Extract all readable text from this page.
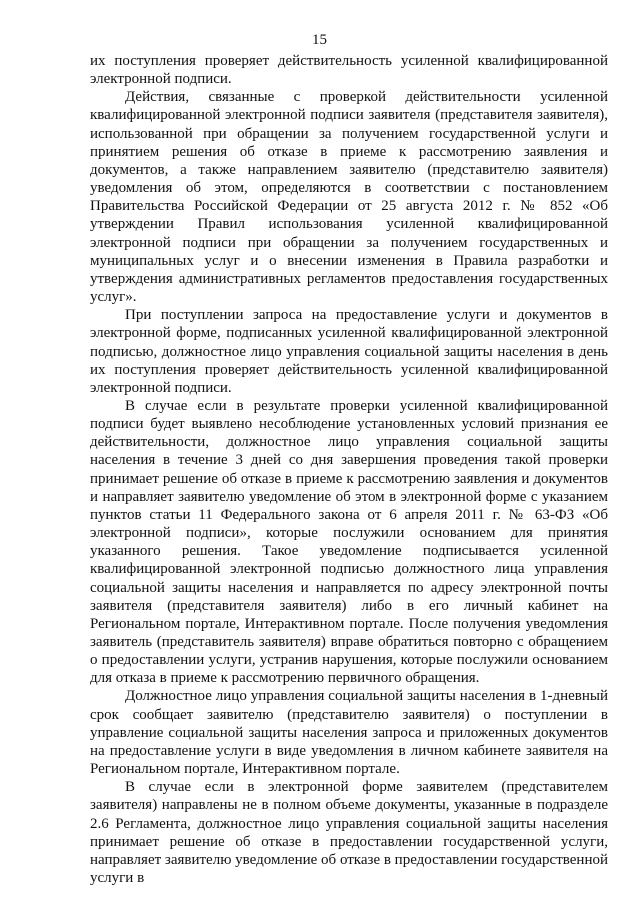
15

их поступления проверяет действительность усиленной квалифицированной электронной подписи.

Действия, связанные с проверкой действительности усиленной квалифицированной электронной подписи заявителя (представителя заявителя), использованной при обращении за получением государственной услуги и принятием решения об отказе в приеме к рассмотрению заявления и документов, а также направлением заявителю (представителю заявителя) уведомления об этом, определяются в соответствии с постановлением Правительства Российской Федерации от 25 августа 2012 г. № 852 «Об утверждении Правил использования усиленной квалифицированной электронной подписи при обращении за получением государственных и муниципальных услуг и о внесении изменения в Правила разработки и утверждения административных регламентов предоставления государственных услуг».

При поступлении запроса на предоставление услуги и документов в электронной форме, подписанных усиленной квалифицированной электронной подписью, должностное лицо управления социальной защиты населения в день их поступления проверяет действительность усиленной квалифицированной электронной подписи.

В случае если в результате проверки усиленной квалифицированной подписи будет выявлено несоблюдение установленных условий признания ее действительности, должностное лицо управления социальной защиты населения в течение 3 дней со дня завершения проведения такой проверки принимает решение об отказе в приеме к рассмотрению заявления и документов и направляет заявителю уведомление об этом в электронной форме с указанием пунктов статьи 11 Федерального закона от 6 апреля 2011 г. № 63-ФЗ «Об электронной подписи», которые послужили основанием для принятия указанного решения. Такое уведомление подписывается усиленной квалифицированной электронной подписью должностного лица управления социальной защиты населения и направляется по адресу электронной почты заявителя (представителя заявителя) либо в его личный кабинет на Региональном портале, Интерактивном портале. После получения уведомления заявитель (представитель заявителя) вправе обратиться повторно с обращением о предоставлении услуги, устранив нарушения, которые послужили основанием для отказа в приеме к рассмотрению первичного обращения.

Должностное лицо управления социальной защиты населения в 1-дневный срок сообщает заявителю (представителю заявителя) о поступлении в управление социальной защиты населения запроса и приложенных документов на предоставление услуги в виде уведомления в личном кабинете заявителя на Региональном портале, Интерактивном портале.

В случае если в электронной форме заявителем (представителем заявителя) направлены не в полном объеме документы, указанные в подразделе 2.6 Регламента, должностное лицо управления социальной защиты населения принимает решение об отказе в предоставлении государственной услуги, направляет заявителю уведомление об отказе в предоставлении государственной услуги в
